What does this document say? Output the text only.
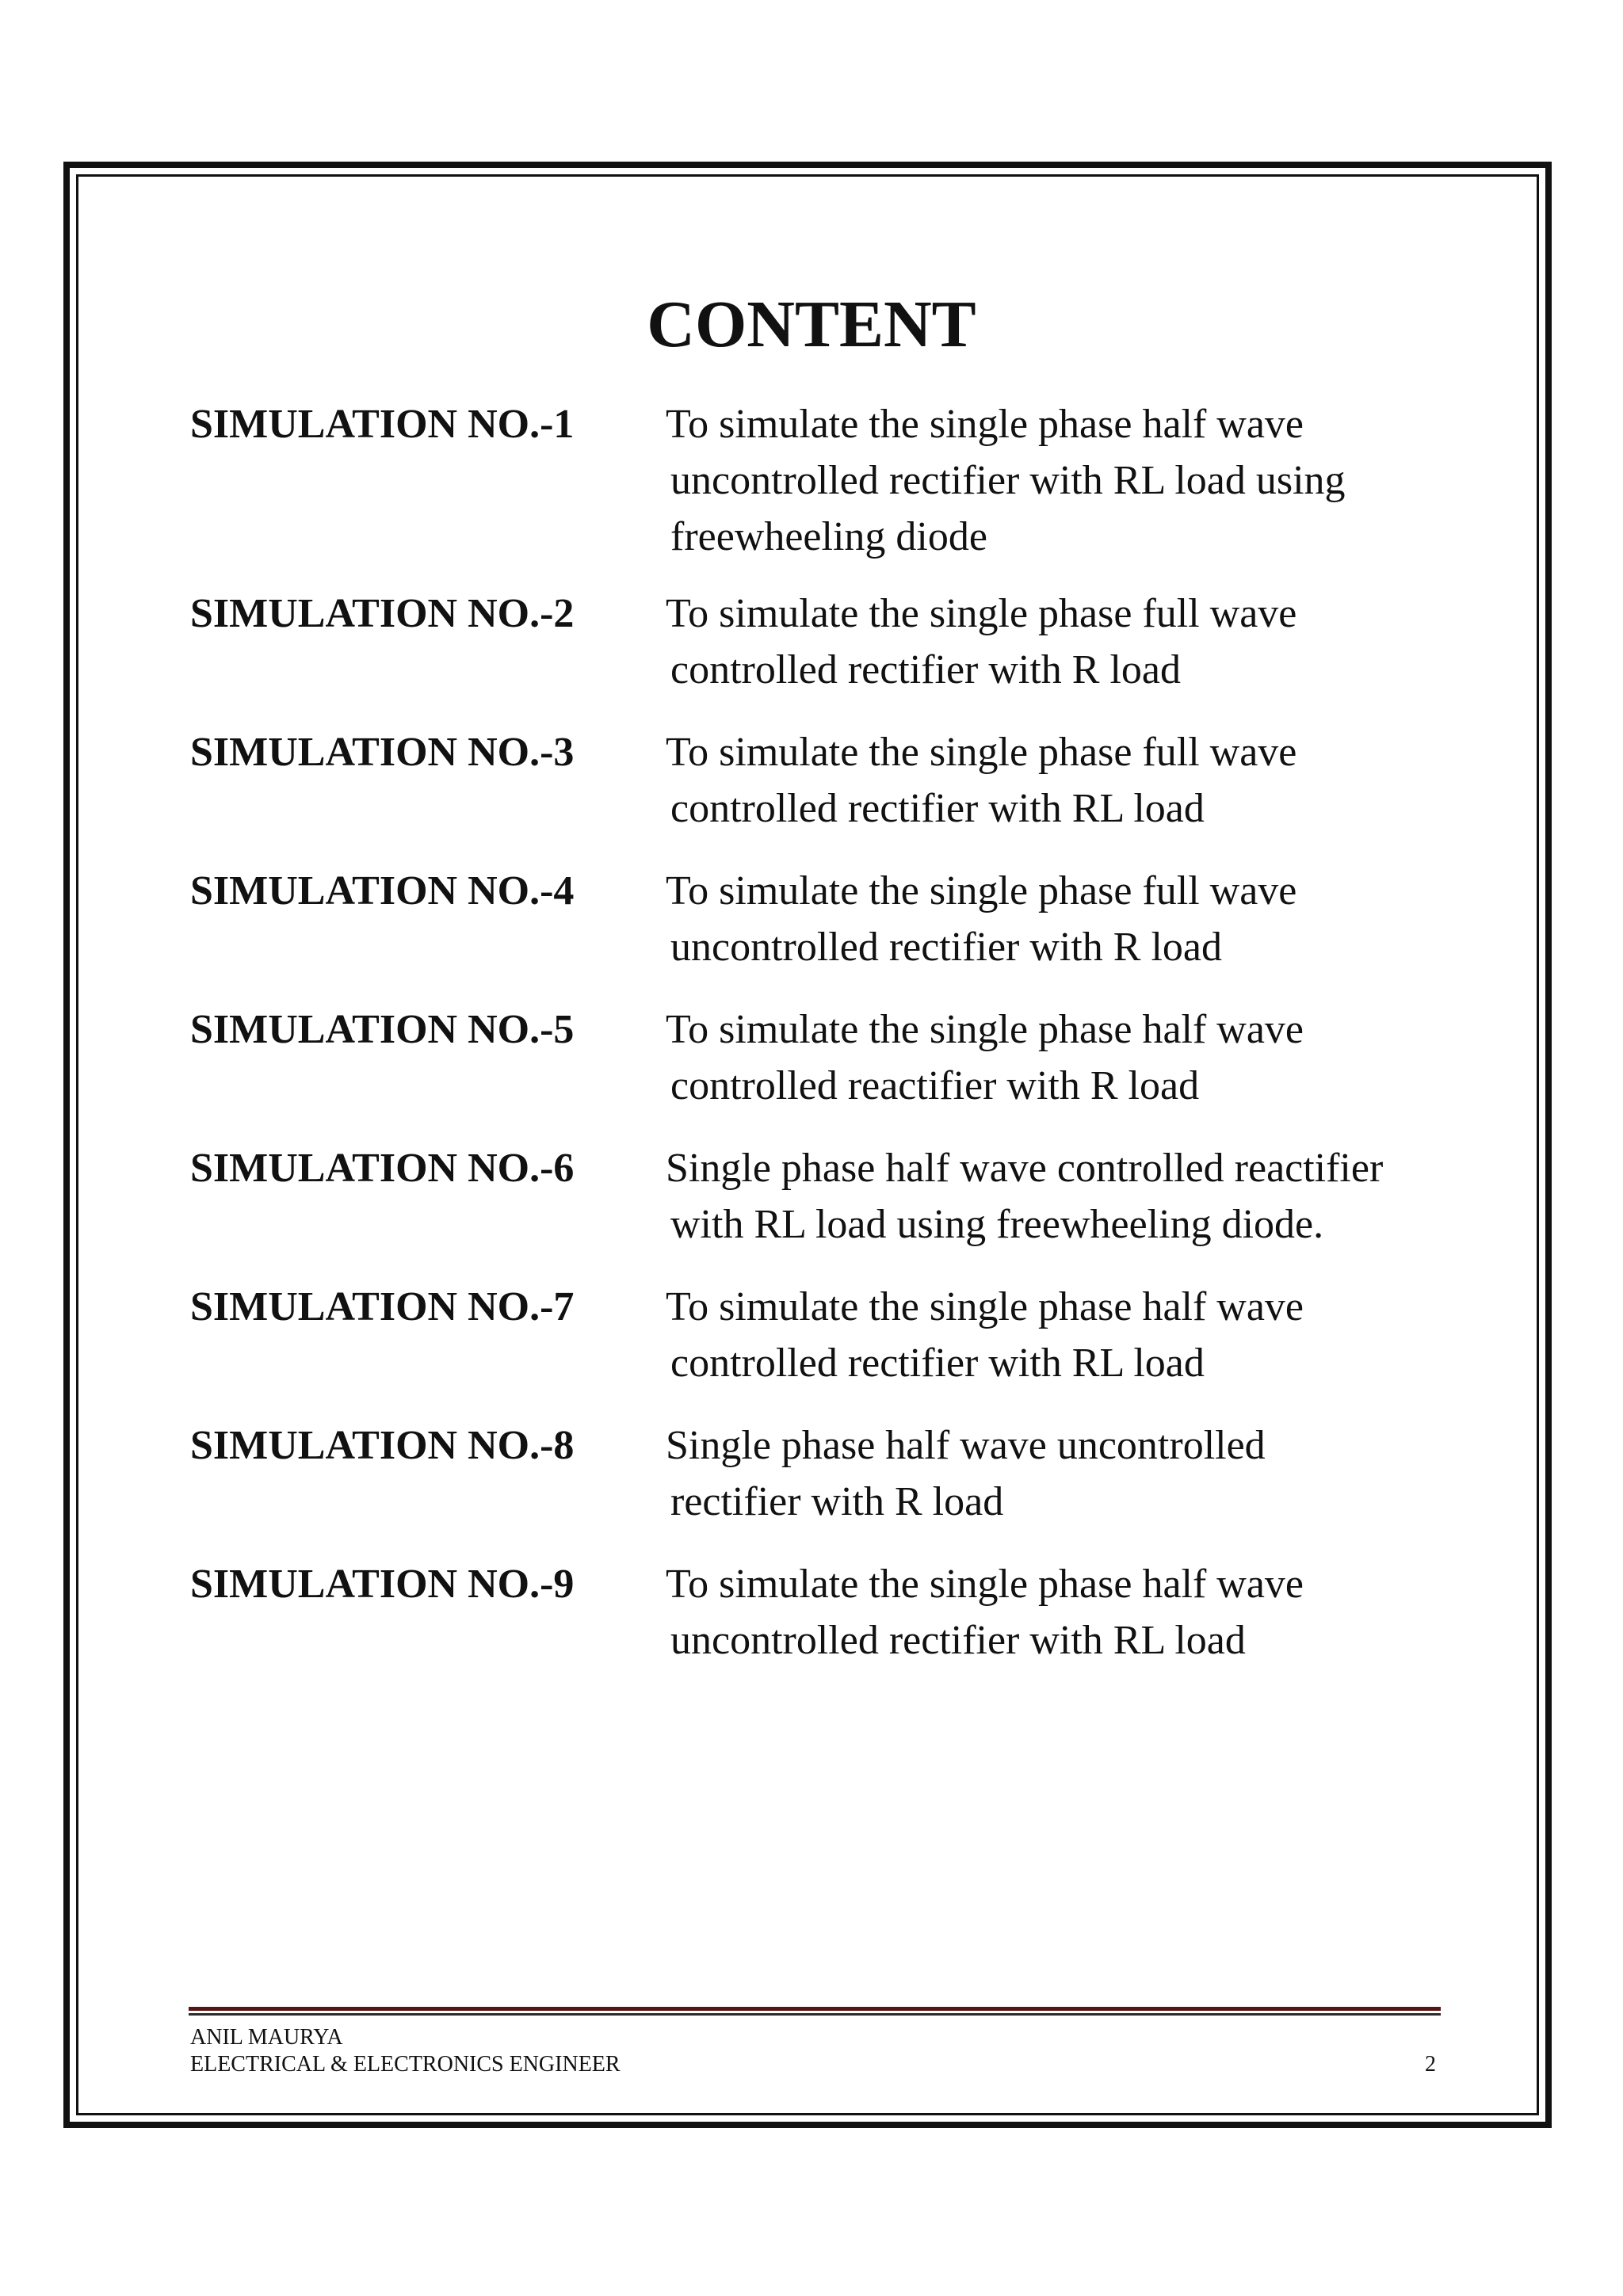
CONTENT
SIMULATION NO.-1	To simulate the single phase half wave
uncontrolled rectifier with RL load using
freewheeling diode
SIMULATION NO.-2	To simulate the single phase full wave
controlled rectifier with R load
SIMULATION NO.-3	To simulate the single phase full wave
controlled rectifier with RL load
SIMULATION NO.-4	To simulate the single phase full wave
uncontrolled rectifier with R load
SIMULATION NO.-5	To simulate the single phase half wave
controlled reactifier with R load
SIMULATION NO.-6	Single phase half wave controlled reactifier
with RL load using freewheeling diode.
SIMULATION NO.-7	To simulate the single phase half wave
controlled rectifier with RL load
SIMULATION NO.-8	Single phase half wave uncontrolled
rectifier with R load
SIMULATION NO.-9	To simulate the single phase half wave
uncontrolled rectifier with RL load

ANIL MAURYA

ELECTRICAL & ELECTRONICS ENGINEER	2
